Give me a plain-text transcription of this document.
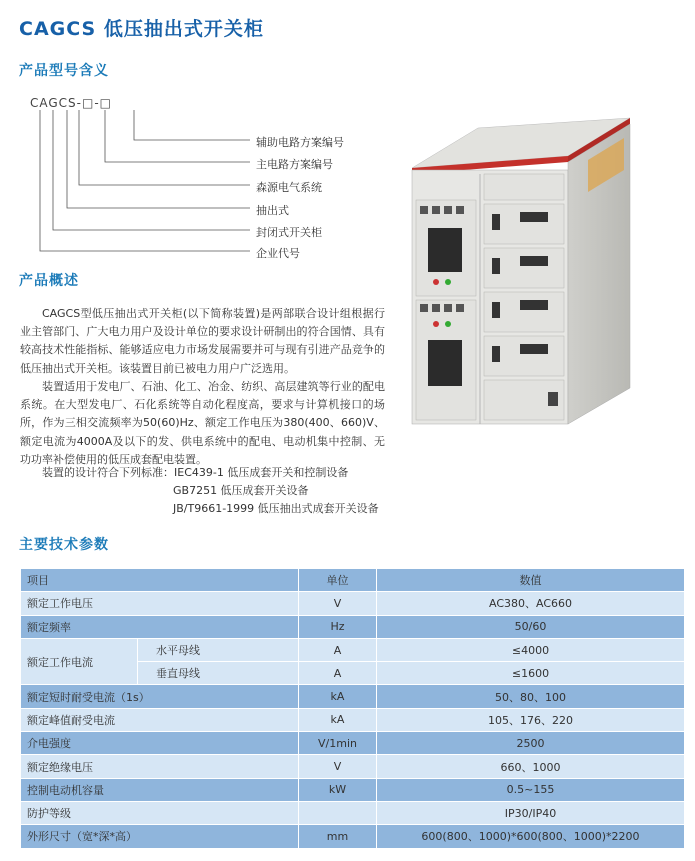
CAGCS 低压抽出式开关柜
产品型号含义
CAGCS-□-□
辅助电路方案编号
主电路方案编号
森源电气系统
抽出式
封闭式开关柜
企业代号
产品概述

CAGCS型低压抽出式开关柜(以下简称装置)是两部联合设计组根据行业主管部门、广大电力用户及设计单位的要求设计研制出的符合国情、具有较高技术性能指标、能够适应电力市场发展需要并可与现有引进产品竞争的低压抽出式开关柜。该装置目前已被电力用户广泛选用。

装置适用于发电厂、石油、化工、冶金、纺织、高层建筑等行业的配电系统。在大型发电厂、石化系统等自动化程度高，要求与计算机接口的场所，作为三相交流频率为50(60)Hz、额定工作电压为380(400、660)V、额定电流为4000A及以下的发、供电系统中的配电、电动机集中控制、无功功率补偿使用的低压成套配电装置。

装置的设计符合下列标准：IEC439-1 低压成套开关和控制设备

GB7251 低压成套开关设备
JB/T9661-1999 低压抽出式成套开关设备
主要技术参数
项目		单位	数值
额定工作电压		V	AC380、AC660
额定频率		Hz	50/60
额定工作电流	水平母线	A	≤4000
	垂直母线	A	≤1600
额定短时耐受电流（1s）		kA	50、80、100
额定峰值耐受电流		kA	105、176、220
介电强度		V/1min	2500
额定绝缘电压		V	660、1000
控制电动机容量		kW	0.5~155
防护等级			IP30/IP40
外形尺寸（宽*深*高）		mm	600(800、1000)*600(800、1000)*2200
